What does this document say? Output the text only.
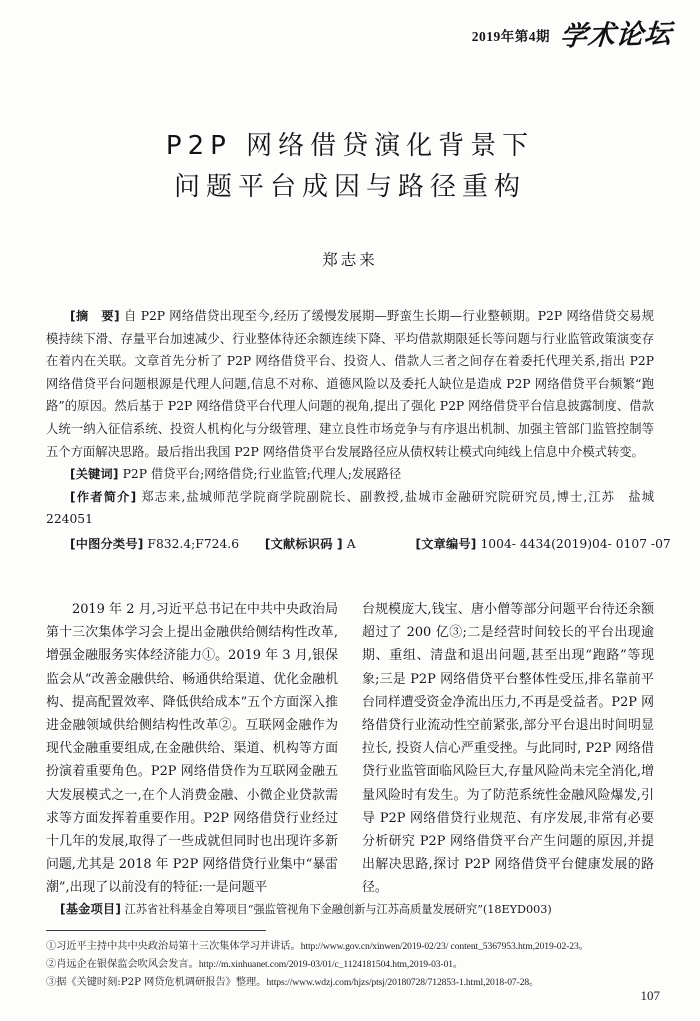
2019年第4期 学术论坛
P2P 网络借贷演化背景下
问题平台成因与路径重构
郑志来
[摘　要] 自 P2P 网络借贷出现至今,经历了缓慢发展期—野蛮生长期—行业整顿期。P2P 网络借贷交易规模持续下滑、存量平台加速减少、行业整体待还余额连续下降、平均借款期限延长等问题与行业监管政策演变存在着内在关联。文章首先分析了 P2P 网络借贷平台、投资人、借款人三者之间存在着委托代理关系,指出 P2P 网络借贷平台问题根源是代理人问题,信息不对称、道德风险以及委托人缺位是造成 P2P 网络借贷平台频繁“跑路”的原因。然后基于 P2P 网络借贷平台代理人问题的视角,提出了强化 P2P 网络借贷平台信息披露制度、借款人统一纳入征信系统、投资人机构化与分级管理、建立良性市场竞争与有序退出机制、加强主管部门监管控制等五个方面解决思路。最后指出我国 P2P 网络借贷平台发展路径应从债权转让模式向纯线上信息中介模式转变。
[关键词] P2P 借贷平台;网络借贷;行业监管;代理人;发展路径
[作者简介] 郑志来,盐城师范学院商学院副院长、副教授,盐城市金融研究院研究员,博士,江苏　盐城　224051
[中图分类号] F832.4;F724.6 [文献标识码 ] A	[文章编号] 1004- 4434(2019)04- 0107 -07

2019 年 2 月,习近平总书记在中共中央政治局第十三次集体学习会上提出金融供给侧结构性改革,增强金融服务实体经济能力①。2019 年 3 月,银保监会从“改善金融供给、畅通供给渠道、优化金融机构、提高配置效率、降低供给成本”五个方面深入推进金融领域供给侧结构性改革②。互联网金融作为现代金融重要组成,在金融供给、渠道、机构等方面扮演着重要角色。P2P 网络借贷作为互联网金融五大发展模式之一,在个人消费金融、小微企业贷款需求等方面发挥着重要作用。P2P 网络借贷行业经过十几年的发展,取得了一些成就但同时也出现许多新问题,尤其是 2018 年 P2P 网络借贷行业集中“暴雷潮”,出现了以前没有的特征:一是问题平

台规模庞大,钱宝、唐小僧等部分问题平台待还余额超过了 200 亿③;二是经营时间较长的平台出现逾期、重组、清盘和退出问题,甚至出现“跑路”等现象;三是 P2P 网络借贷平台整体性受压,排名靠前平台同样遭受资金净流出压力,不再是受益者。P2P 网络借贷行业流动性空前紧张,部分平台退出时间明显拉长, 投资人信心严重受挫。与此同时, P2P 网络借贷行业监管面临风险巨大,存量风险尚未完全消化,增量风险时有发生。为了防范系统性金融风险爆发,引导 P2P 网络借贷行业规范、有序发展,非常有必要分析研究 P2P 网络借贷平台产生问题的原因,并提出解决思路,探讨 P2P 网络借贷平台健康发展的路径。

[基金项目] 江苏省社科基金自筹项目“强监管视角下金融创新与江苏高质量发展研究”(18EYD003)
①习近平主持中共中央政治局第十三次集体学习并讲话。http://www.gov.cn/xinwen/2019-02/23/ content_5367953.htm,2019-02-23。
②肖远企在银保监会吹风会发言。http://m.xinhuanet.com/2019-03/01/c_1124181504.htm,2019-03-01。
③据《关键时刻:P2P 网贷危机调研报告》整理。https://www.wdzj.com/hjzs/ptsj/20180728/712853-1.html,2018-07-28。
107
